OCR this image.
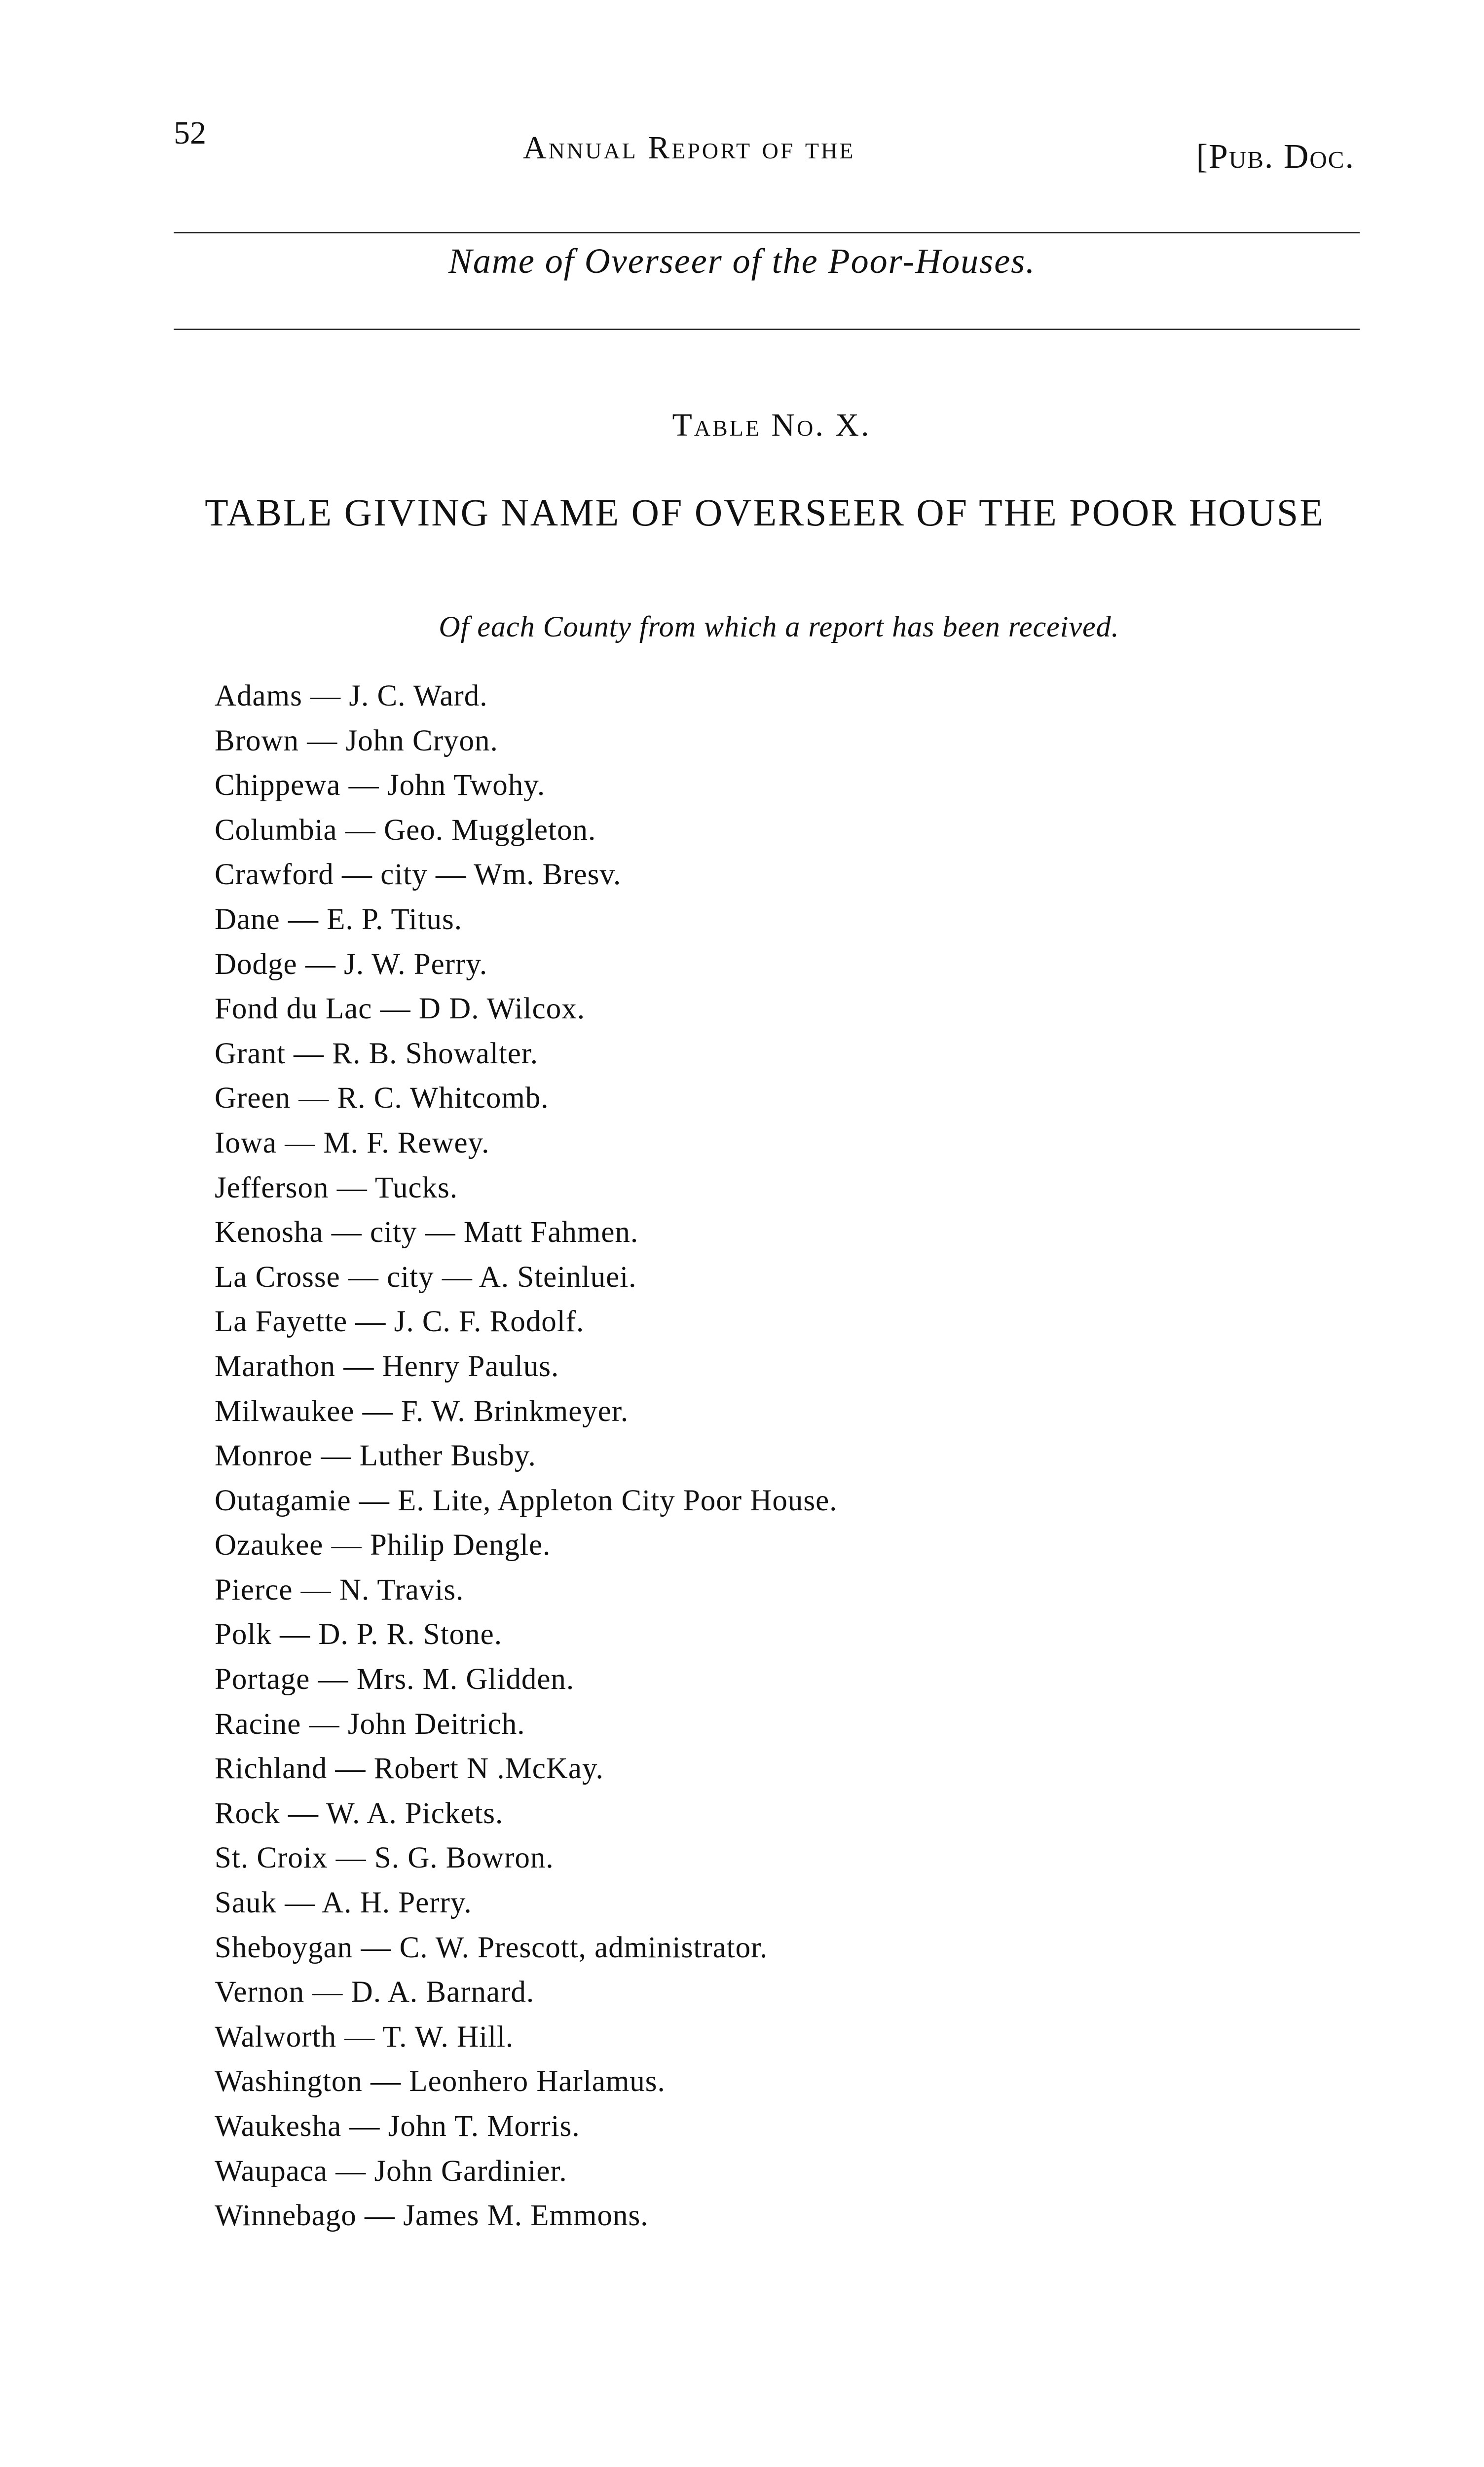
52	Annual Report of the	[Pub. Doc.
Name of Overseer of the Poor-Houses.
Table No. X.
TABLE GIVING NAME OF OVERSEER OF THE POOR HOUSE
Of each County from which a report has been received.
Adams — J. C. Ward.
Brown — John Cryon.
Chippewa — John Twohy.
Columbia — Geo. Muggleton.
Crawford — city — Wm. Bresv.
Dane — E. P. Titus.
Dodge — J. W. Perry.
Fond du Lac — D D. Wilcox.
Grant — R. B. Showalter.
Green — R. C. Whitcomb.
Iowa — M. F. Rewey.
Jefferson — Tucks.
Kenosha — city — Matt Fahmen.
La Crosse — city — A. Steinluei.
La Fayette — J. C. F. Rodolf.
Marathon — Henry Paulus.
Milwaukee — F. W. Brinkmeyer.
Monroe — Luther Busby.
Outagamie — E. Lite, Appleton City Poor House.
Ozaukee — Philip Dengle.
Pierce — N. Travis.
Polk — D. P. R. Stone.
Portage — Mrs. M. Glidden.
Racine — John Deitrich.
Richland — Robert N .McKay.
Rock — W. A. Pickets.
St. Croix — S. G. Bowron.
Sauk — A. H. Perry.
Sheboygan — C. W. Prescott, administrator.
Vernon — D. A. Barnard.
Walworth — T. W. Hill.
Washington — Leonhero Harlamus.
Waukesha — John T. Morris.
Waupaca — John Gardinier.
Winnebago — James M. Emmons.
